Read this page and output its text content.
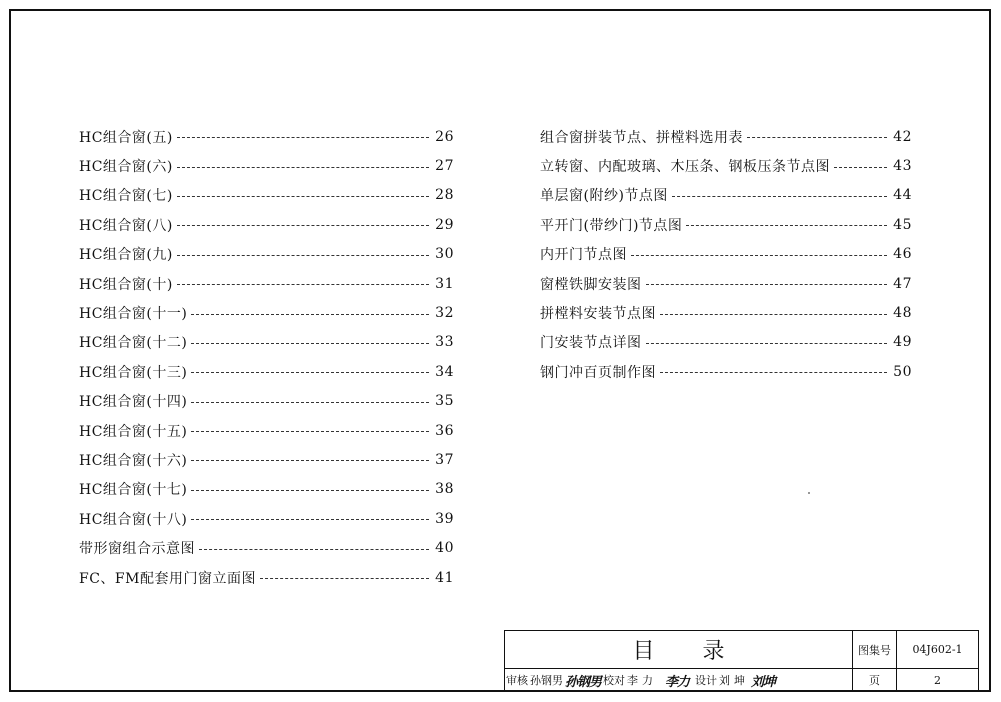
HC组合窗(五)	26
HC组合窗(六)	27
HC组合窗(七)	28
HC组合窗(八)	29
HC组合窗(九)	30
HC组合窗(十)	31
HC组合窗(十一)	32
HC组合窗(十二)	33
HC组合窗(十三)	34
HC组合窗(十四)	35
HC组合窗(十五)	36
HC组合窗(十六)	37
HC组合窗(十七)	38
HC组合窗(十八)	39
带形窗组合示意图	40
FC、FM配套用门窗立面图	41
组合窗拼装节点、拼樘料选用表	42
立转窗、内配玻璃、木压条、钢板压条节点图	43
单层窗(附纱)节点图	44
平开门(带纱门)节点图	45
内开门节点图	46
窗樘铁脚安装图	47
拼樘料安装节点图	48
门安装节点详图	49
钢门冲百页制作图	50
目录
审核 孙钢男 孙钢男 校对 李力 李力 设计 刘坤 刘坤
图集号	04J602-1
页	2
